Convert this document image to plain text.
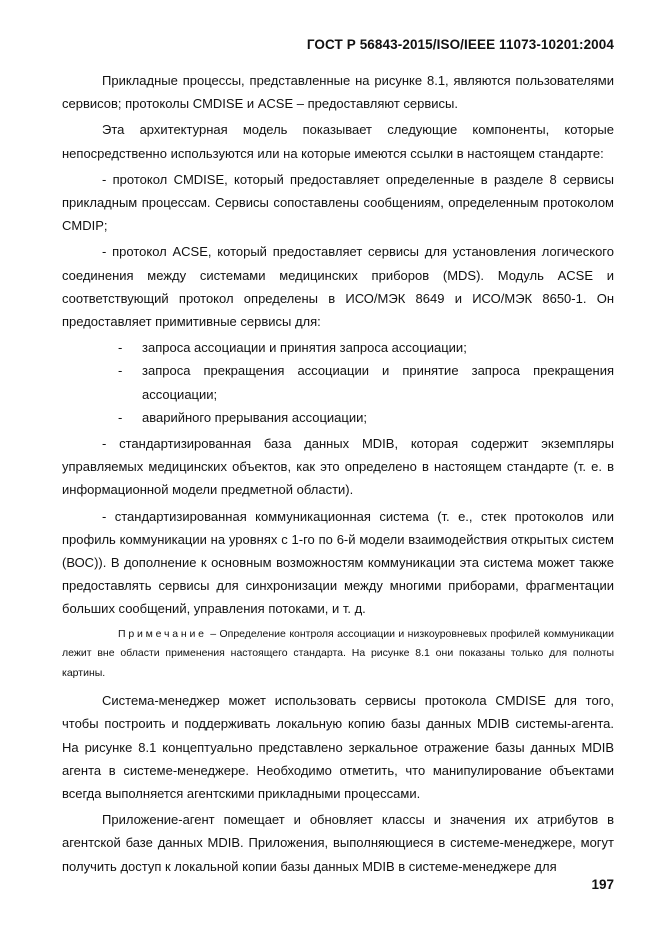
ГОСТ Р 56843-2015/ISO/IEEE 11073-10201:2004

Прикладные процессы, представленные на рисунке 8.1, являются пользователями сервисов; протоколы CMDISE и ACSE – предоставляют сервисы.

Эта архитектурная модель показывает следующие компоненты, которые непосредственно используются или на которые имеются ссылки в настоящем стандарте:

- протокол CMDISE, который предоставляет определенные в разделе 8 сервисы прикладным процессам. Сервисы сопоставлены сообщениям, определенным протоколом CMDIP;

- протокол ACSE, который предоставляет сервисы для установления логического соединения между системами медицинских приборов (MDS). Модуль ACSE и соответствующий протокол определены в ИСО/МЭК 8649 и ИСО/МЭК 8650-1. Он предоставляет примитивные сервисы для:

- запроса ассоциации и принятия запроса ассоциации;
- запроса прекращения ассоциации и принятие запроса прекращения ассоциации;
- аварийного прерывания ассоциации;

- стандартизированная база данных MDIB, которая содержит экземпляры управляемых медицинских объектов, как это определено в настоящем стандарте (т. е. в информационной модели предметной области).

- стандартизированная коммуникационная система (т. е., стек протоколов или профиль коммуникации на уровнях с 1-го по 6-й модели взаимодействия открытых систем (ВОС)). В дополнение к основным возможностям коммуникации эта система может также предоставлять сервисы для синхронизации между многими приборами, фрагментации больших сообщений, управления потоками, и т. д.

Примечание – Определение контроля ассоциации и низкоуровневых профилей коммуникации лежит вне области применения настоящего стандарта. На рисунке 8.1 они показаны только для полноты картины.

Система-менеджер может использовать сервисы протокола CMDISE для того, чтобы построить и поддерживать локальную копию базы данных MDIB системы-агента. На рисунке 8.1 концептуально представлено зеркальное отражение базы данных MDIB агента в системе-менеджере. Необходимо отметить, что манипулирование объектами всегда выполняется агентскими прикладными процессами.

Приложение-агент помещает и обновляет классы и значения их атрибутов в агентской базе данных MDIB. Приложения, выполняющиеся в системе-менеджере, могут получить доступ к локальной копии базы данных MDIB в системе-менеджере для

197
